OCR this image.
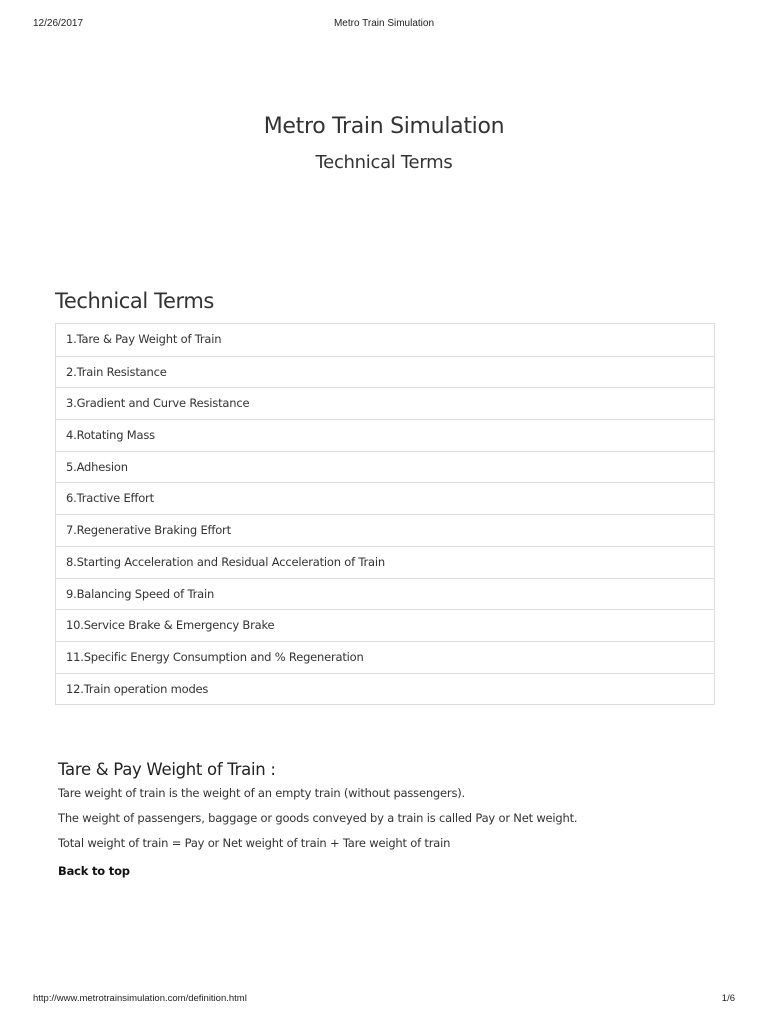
12/26/2017	Metro Train Simulation
Metro Train Simulation
Technical Terms
Technical Terms
1.Tare & Pay Weight of Train
2.Train Resistance
3.Gradient and Curve Resistance
4.Rotating Mass
5.Adhesion
6.Tractive Effort
7.Regenerative Braking Effort
8.Starting Acceleration and Residual Acceleration of Train
9.Balancing Speed of Train
10.Service Brake & Emergency Brake
11.Specific Energy Consumption and % Regeneration
12.Train operation modes
Tare & Pay Weight of Train :

Tare weight of train is the weight of an empty train (without passengers).

The weight of passengers, baggage or goods conveyed by a train is called Pay or Net weight.

Total weight of train = Pay or Net weight of train + Tare weight of train

Back to top
http://www.metrotrainsimulation.com/definition.html	1/6
